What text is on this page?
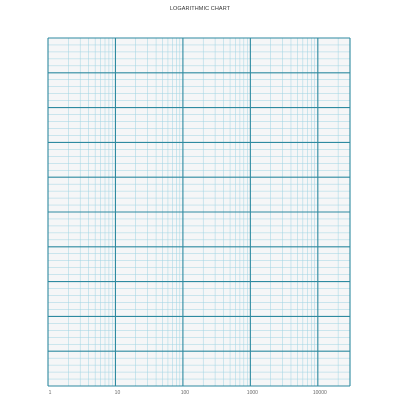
LOGARITHMIC CHART
1	10	100	1000	10000
